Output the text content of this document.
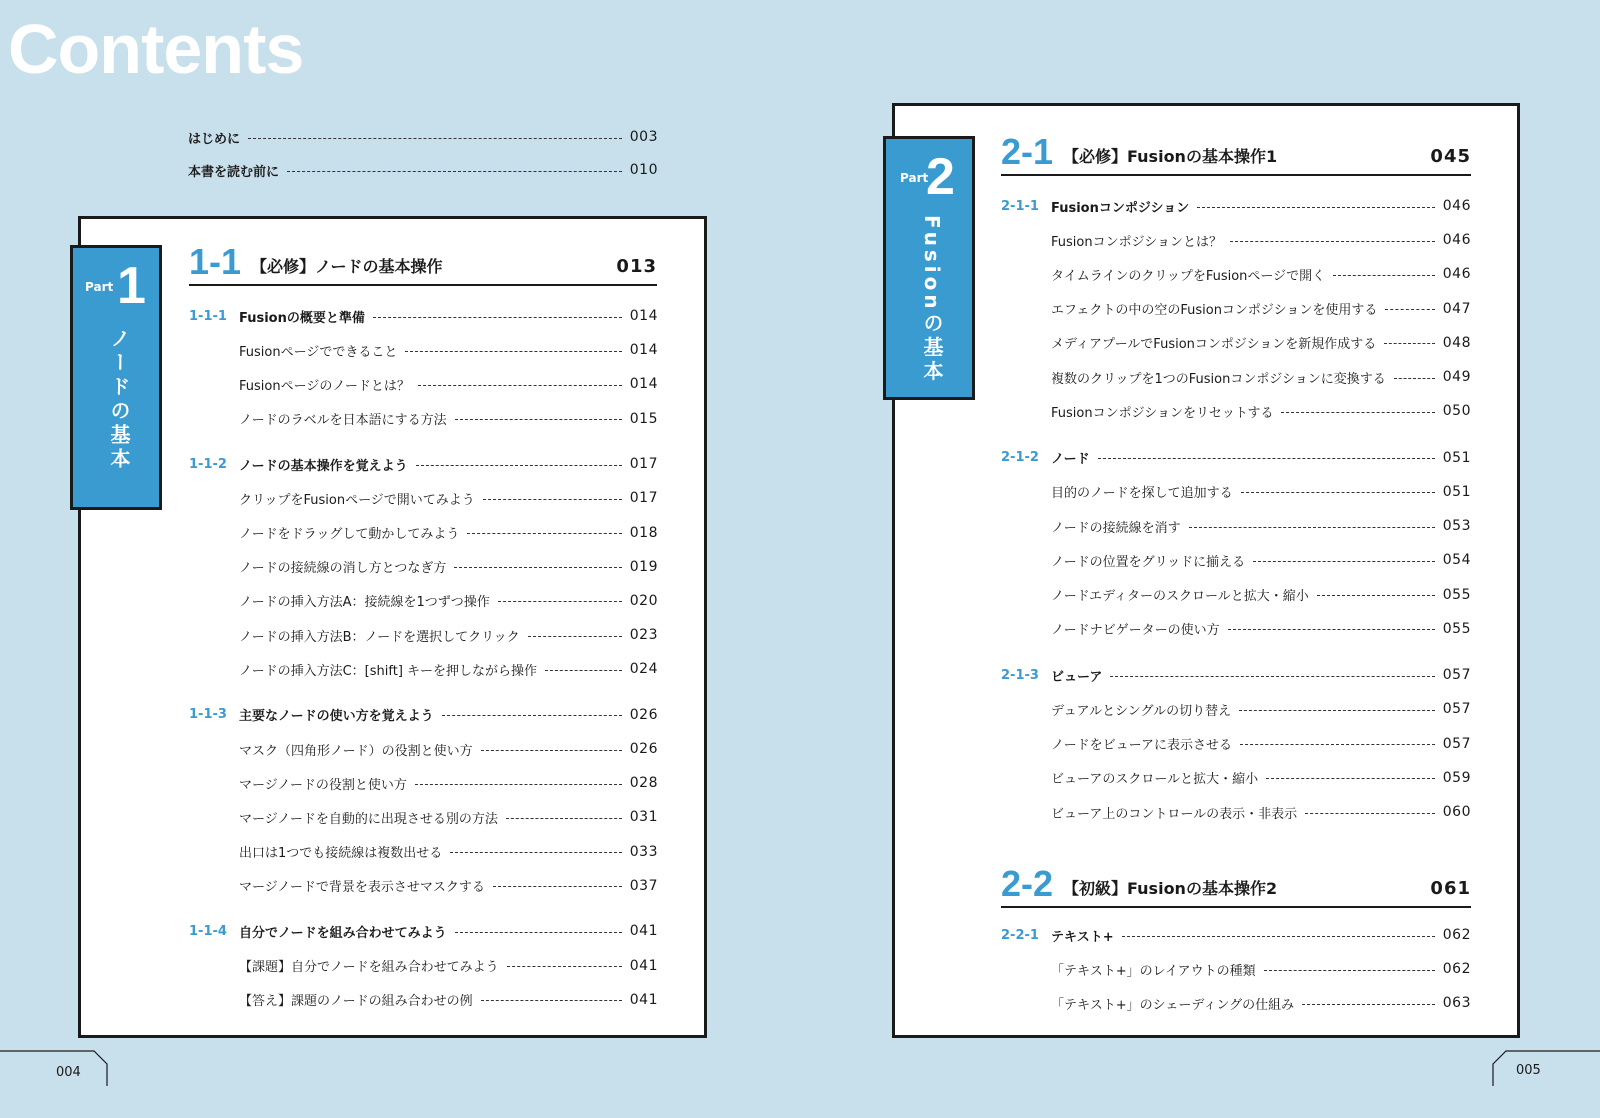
Contents
はじめに	003
本書を読む前に	010
Part 1
ノードの基本
1-1 【必修】ノードの基本操作	013
1-1-1 Fusionの概要と準備	014
Fusionページでできること	014
Fusionページのノードとは？	014
ノードのラベルを日本語にする方法	015
1-1-2 ノードの基本操作を覚えよう	017
クリップをFusionページで開いてみよう	017
ノードをドラッグして動かしてみよう	018
ノードの接続線の消し方とつなぎ方	019
ノードの挿入方法A：接続線を1つずつ操作	020
ノードの挿入方法B：ノードを選択してクリック	023
ノードの挿入方法C：[shift] キーを押しながら操作	024
1-1-3 主要なノードの使い方を覚えよう	026
マスク（四角形ノード）の役割と使い方	026
マージノードの役割と使い方	028
マージノードを自動的に出現させる別の方法	031
出口は1つでも接続線は複数出せる	033
マージノードで背景を表示させマスクする	037
1-1-4 自分でノードを組み合わせてみよう	041
【課題】自分でノードを組み合わせてみよう	041
【答え】課題のノードの組み合わせの例	041
Part
2
Fusionの基本
2-1 【必修】Fusionの基本操作1	045
2-1-1 Fusionコンポジション	046
Fusionコンポジションとは？	046
タイムラインのクリップをFusionページで開く	046
エフェクトの中の空のFusionコンポジションを使用する	047
メディアプールでFusionコンポジションを新規作成する	048
複数のクリップを1つのFusionコンポジションに変換する	049
Fusionコンポジションをリセットする	050
2-1-2 ノード	051
目的のノードを探して追加する	051
ノードの接続線を消す	053
ノードの位置をグリッドに揃える	054
ノードエディターのスクロールと拡大・縮小	055
ノードナビゲーターの使い方	055
2-1-3 ビューア	057
デュアルとシングルの切り替え	057
ノードをビューアに表示させる	057
ビューアのスクロールと拡大・縮小	059
ビューア上のコントロールの表示・非表示	060
2-2 【初級】Fusionの基本操作2	061
2-2-1 テキスト+	062
「テキスト+」のレイアウトの種類	062
「テキスト+」のシェーディングの仕組み	063
004	005
